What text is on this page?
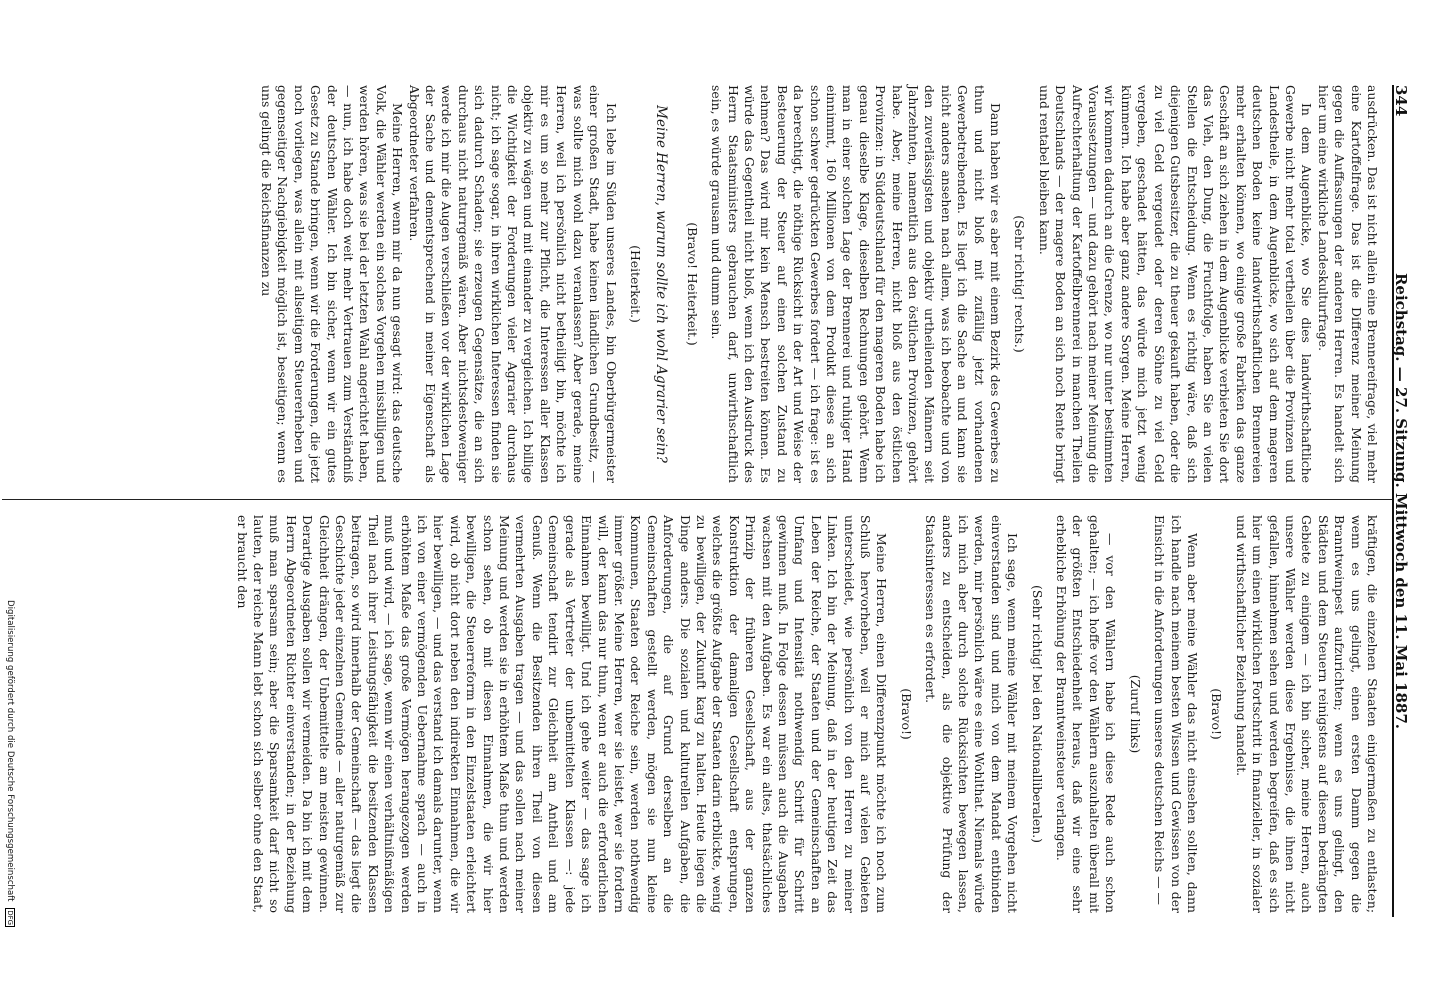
344
Reichstag. — 27. Sitzung. Mittwoch den 11. Mai 1887.

ausdrücken. Das ist nicht allein eine Brennereifrage, viel mehr eine Kartoffelfrage. Das ist die Differenz meiner Meinung gegen die Auffassungen der anderen Herren. Es handelt sich hier um eine wirkliche Landeskulturfrage.

In dem Augenblicke, wo Sie dies landwirthschaftliche Gewerbe nicht mehr total vertheilen über die Provinzen und Landestheile, in dem Augenblicke, wo sich auf dem mageren deutschen Boden keine landwirthschaftlichen Brennereien mehr erhalten können, wo einige große Fabriken das ganze Geschäft an sich ziehen in dem Augenblicke verbieten Sie dort das Vieh, den Dung, die Fruchtfolge, haben Sie an vielen Stellen die Entscheidung. Wenn es richtig wäre, daß sich diejenigen Gutsbesitzer, die zu theuer gekauft haben, oder die zu viel Geld vergeudet oder deren Söhne zu viel Geld vergeben, geschadet hätten, das würde mich jetzt wenig kümmern. Ich habe aber ganz andere Sorgen. Meine Herren, wir kommen dadurch an die Grenze, wo nur unter bestimmten Voraussetzungen — und dazu gehört nach meiner Meinung die Aufrechterhaltung der Kartoffelbrennerei in manchen Theilen Deutschlands — der magere Boden an sich noch Rente bringt und rentabel bleiben kann.

(Sehr richtig! rechts.)

Dann haben wir es aber mit einem Bezirk des Gewerbes zu thun und nicht bloß mit zufällig jetzt vorhandenen Gewerbetreibenden. Es liegt ich die Sache an und kann sie nicht anders ansehen nach allem, was ich beobachte und von den zuverlässigsten und objektiv urtheilenden Männern seit Jahrzehnten, namentlich aus den östlichen Provinzen, gehört habe. Aber, meine Herren, nicht bloß aus den östlichen Provinzen: in Süddeutschland für den mageren Boden habe ich genau dieselbe Klage, dieselben Rechnungen gehört. Wenn man in einer solchen Lage der Brennerei und ruhiger Hand einnimmt, 160 Millionen von dem Produkt dieses an sich schon schwer gedrückten Gewerbes fordert — ich frage: ist es da berechtigt, die nöthige Rücksicht in der Art und Weise der Besteuerung der Steuer auf einen solchen Zustand zu nehmen? Das wird mir kein Mensch bestreiten können. Es würde das Gegentheil nicht bloß, wenn ich den Ausdruck des Herrn Staatsministers gebrauchen darf, unwirthschaftlich sein, es würde grausam und dumm sein.

(Bravo! Heiterkeit.)

Meine Herren, warum sollte ich wohl Agrarier sein?

(Heiterkeit.)

Ich lebe im Süden unseres Landes, bin Oberbürgermeister einer großen Stadt, habe keinen ländlichen Grundbesitz, — was sollte mich wohl dazu veranlassen? Aber gerade, meine Herren, weil ich persönlich nicht betheiligt bin, möchte ich mir es um so mehr zur Pflicht, die Interessen aller Klassen objektiv zu wägen und mit einander zu vergleichen. Ich billige die Wichtigkeit der Forderungen vieler Agrarier durchaus nicht; ich sage sogar, in ihren wirklichen Interessen finden sie sich dadurch Schaden; sie erzeugen Gegensätze, die an sich durchaus nicht naturrgemäß wären. Aber nichtsdestoweniger werde ich mir die Augen verschließen vor der wirklichen Lage der Sache und dementsprechend in meiner Eigenschaft als Abgeordneter verfahren.

Meine Herren, wenn mir da nun gesagt wird: das deutsche Volk, die Wähler werden ein solches Vorgehen missbilligen und werden hören, was sie bei der letzten Wahl angerichtet haben, — nun, ich habe doch weit mehr Vertrauen zum Verständniß der deutschen Wähler. Ich bin sicher, wenn wir ein gutes Gesetz zu Stande bringen, wenn wir die Forderungen, die jetzt noch vorliegen, was allein mit allseitigem Steuererheben und gegenseitiger Nachgiebigkeit möglich ist, beseitigen; wenn es uns gelingt die Reichsfinanzen zu

kräftigen, die einzelnen Staaten einigermaßen zu entlasten; wenn es uns gelingt, einen ersten Damm gegen die Branntweinpest aufzurichten; wenn es uns gelingt, den Städten und dem Steuern reinigstens auf diesem bedrängten Gebiete zu einigem — ich bin sicher, meine Herren, auch unsere Wähler werden diese Ergebnisse, die ihnen nicht gefallen, hinnehmen sehen und werden begreifen, daß es sich hier um einen wirklichen Fortschritt in finanzieller, in sozialer und wirthschaftlicher Beziehung handelt.

(Bravo!)

Wenn aber meine Wähler das nicht einsehen sollten, dann ich handle nach meinem besten Wissen und Gewissen von der Einsicht in die Anforderungen unseres deutschen Reichs — —

(Zuruf links)

— vor den Wählern habe ich diese Rede auch schon gehalten; — ich hoffe vor den Wählern auszuhalten überall mit der größten Entschiedenheit heraus, daß wir eine sehr erhebliche Erhöhung der Branntweinsteuer verlangen.

(Sehr richtig! bei den Nationalliberalen.)

Ich sage, wenn meine Wähler mit meinem Vorgehen nicht einverstanden sind und mich von dem Mandat entbinden werden, mir persönlich wäre es eine Wohlthat. Niemals würde ich mich aber durch solche Rücksichten bewegen lassen, anders zu entscheiden, als die objektive Prüfung der Staatsinteressen es erfordert.

(Bravo!)

Meine Herren, einen Differenzpunkt möchte ich noch zum Schluß hervorheben, weil er mich auf vielen Gebieten unterscheidet, wie persönlich von den Herren zu meiner Linken. Ich bin der Meinung, daß in der heutigen Zeit das Leben der Reiche, der Staaten und der Gemeinschaften an Umfang und Intensität nothwendig Schritt für Schritt gewinnen muß. In Folge dessen müssen auch die Ausgaben wachsen mit den Aufgaben. Es war ein altes, thatsächliches Prinzip der früheren Gesellschaft, aus der ganzen Konstruktion der damaligen Gesellschaft entsprungen, welches die größte Aufgabe der Staaten darin erblickte, wenig zu bewilligen, der Zukunft karg zu halten. Heute liegen die Dinge anders. Die sozialen und kulturellen Aufgaben, die Anforderungen, die auf Grund derselben an die Gemeinschaften gestellt werden, mögen sie nun kleine Kommunen, Staaten oder Reiche sein, werden nothwendig immer größer. Meine Herren, wer sie leistet, wer sie fordern will, der kann das nur thun, wenn er auch die erforderlichen Einnahmen bewilligt. Und ich gehe weiter — das sage ich gerade als Vertreter der unbemittelten Klassen —: jede Gemeinschaft tendirt zur Gleichheit am Antheil und am Genuß. Wenn die Besitzenden ihren Theil von diesen vermehrten Ausgaben tragen — und das sollen nach meiner Meinung und werden sie in erhöhtem Maße thun und werden schon sehen, ob mit diesen Einnahmen, die wir hier bewilligen, die Steuerreform in den Einzelstaaten erleichtert wird, ob nicht dort neben den indirekten Einnahmen, die wir hier bewilligen, — und das verstand ich damals darunter, wenn ich von einer vermögenden Uebernahme sprach — auch in erhöhtem Maße das große Vermögen herangezogen werden muß und wird, — ich sage, wenn wir einen verhältnißmäßigen Theil nach ihrer Leistungsfähigkeit die besitzenden Klassen beitragen, so wird innerhalb der Gemeinschaft — das liegt die Geschichte jeder einzelnen Gemeinde — aller naturgemäß zur Gleichheit drängen, der Unbemittelte am meisten gewinnen. Derartige Ausgaben sollen wir vermeiden. Da bin ich mit dem Herrn Abgeordneten Richter einverstanden; in der Beziehung muß man sparsam sein; aber die Sparsamkeit darf nicht so lauten, der reiche Mann lebt schon sich selber ohne den Staat, er braucht den

Digitalisierung gefördert durch die Deutsche Forschungsgemeinschaft DFG
